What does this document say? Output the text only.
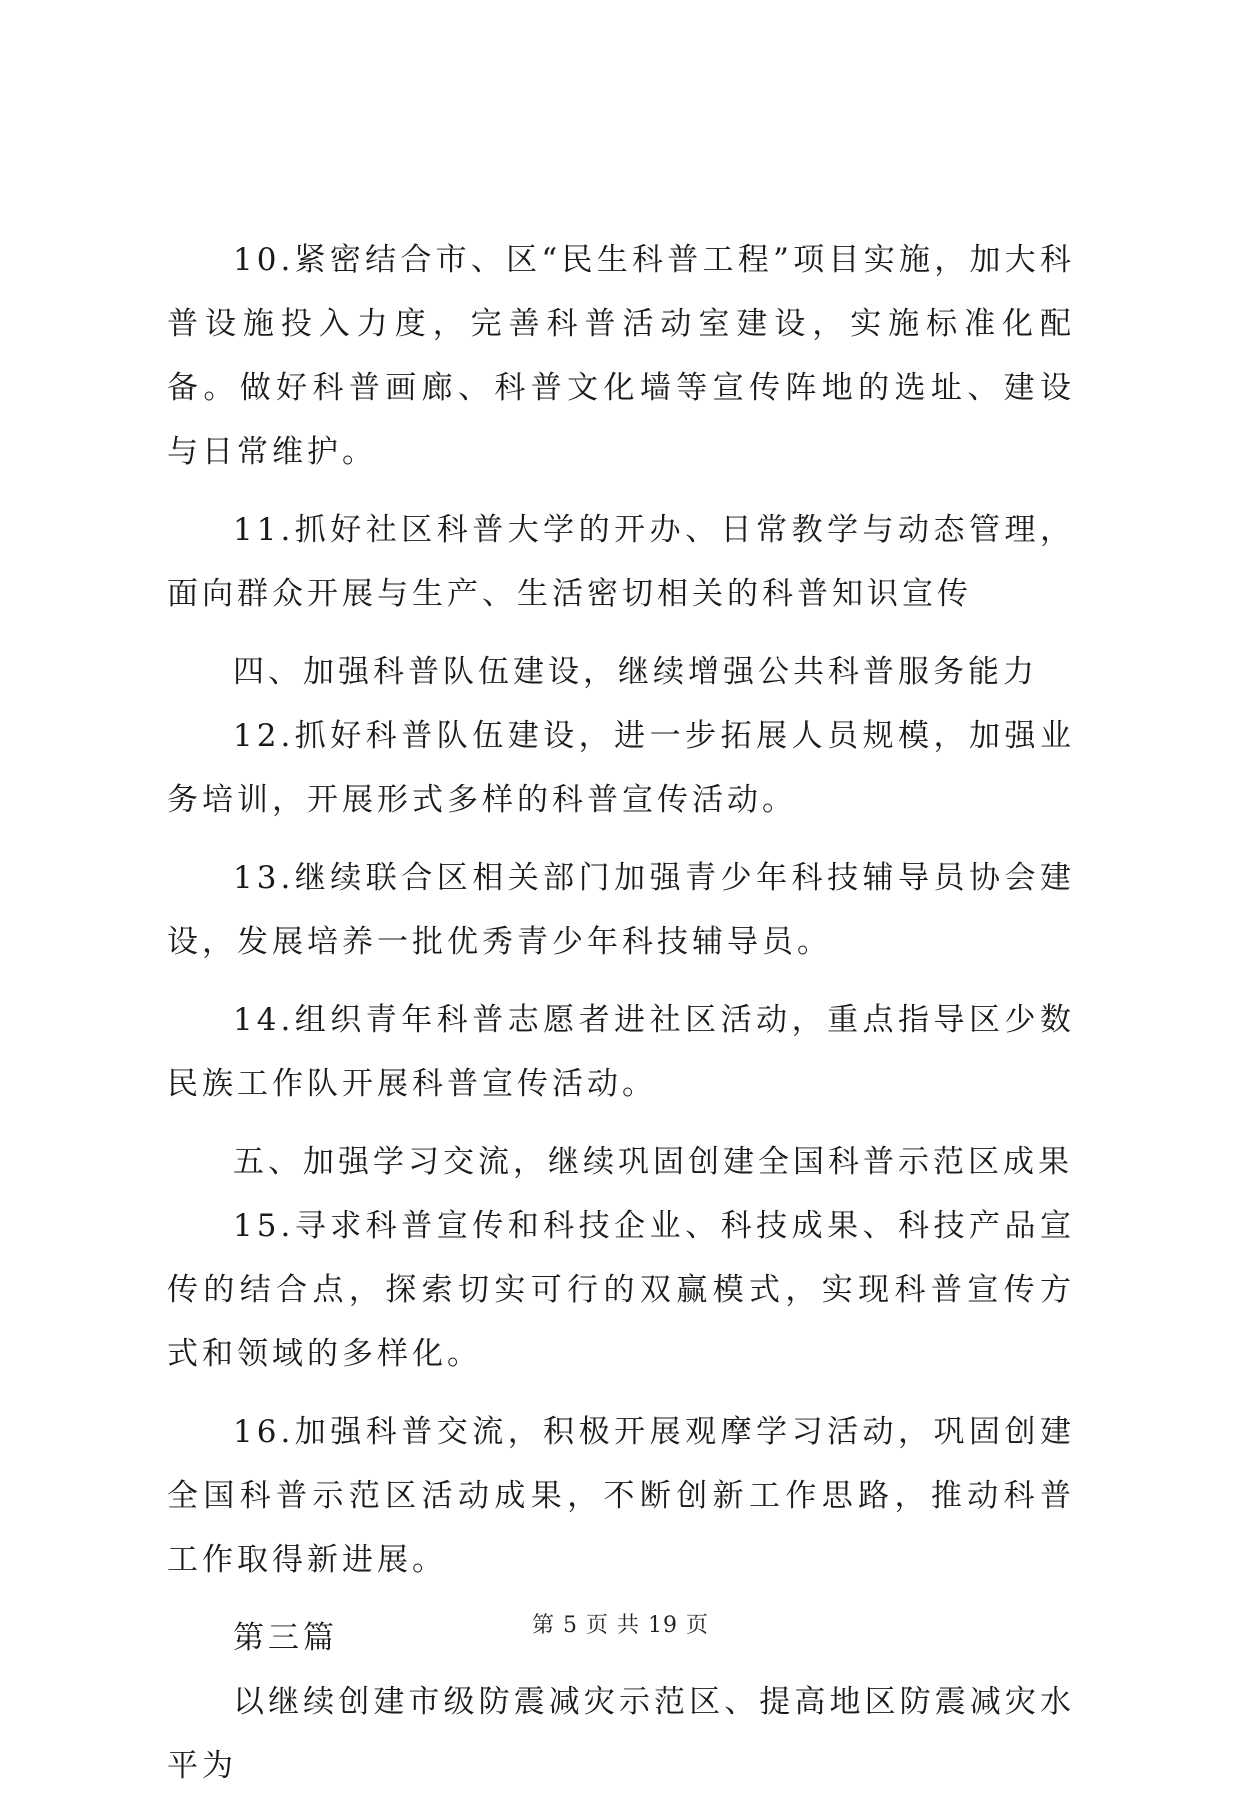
10.紧密结合市、区“民生科普工程”项目实施，加大科普设施投入力度，完善科普活动室建设，实施标准化配备。做好科普画廊、科普文化墙等宣传阵地的选址、建设与日常维护。

11.抓好社区科普大学的开办、日常教学与动态管理，面向群众开展与生产、生活密切相关的科普知识宣传

四、加强科普队伍建设，继续增强公共科普服务能力

12.抓好科普队伍建设，进一步拓展人员规模，加强业务培训，开展形式多样的科普宣传活动。

13.继续联合区相关部门加强青少年科技辅导员协会建设，发展培养一批优秀青少年科技辅导员。

14.组织青年科普志愿者进社区活动，重点指导区少数民族工作队开展科普宣传活动。

五、加强学习交流，继续巩固创建全国科普示范区成果

15.寻求科普宣传和科技企业、科技成果、科技产品宣传的结合点，探索切实可行的双赢模式，实现科普宣传方式和领域的多样化。

16.加强科普交流，积极开展观摩学习活动，巩固创建全国科普示范区活动成果，不断创新工作思路，推动科普工作取得新进展。

第三篇

以继续创建市级防震减灾示范区、提高地区防震减灾水平为

第 5 页 共 19 页
